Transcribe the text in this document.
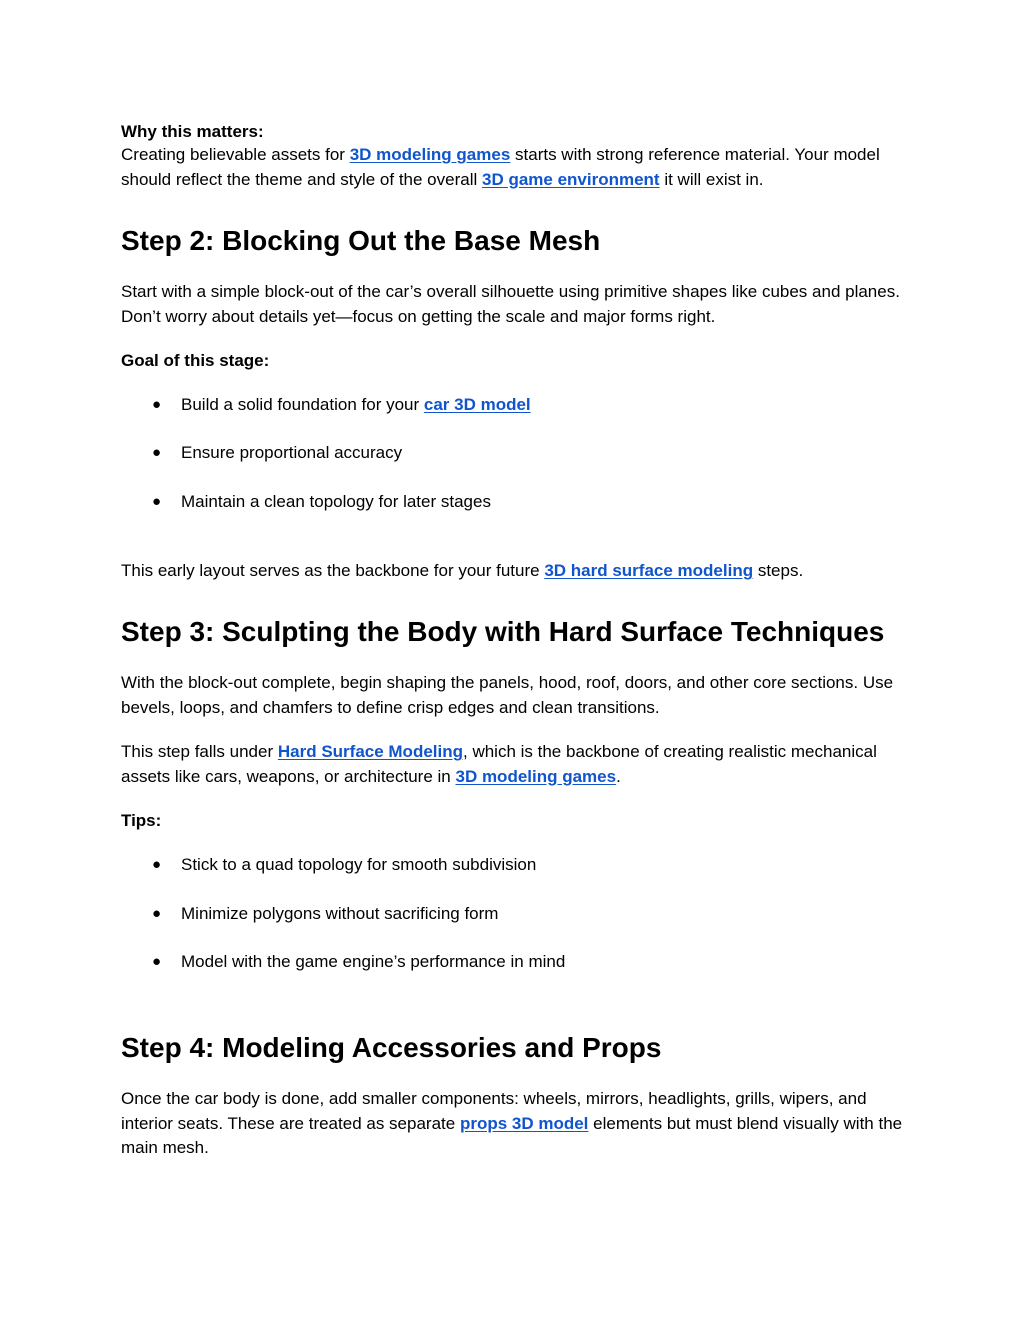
Why this matters:

Creating believable assets for 3D modeling games starts with strong reference material. Your model should reflect the theme and style of the overall 3D game environment it will exist in.

Step 2: Blocking Out the Base Mesh

Start with a simple block-out of the car’s overall silhouette using primitive shapes like cubes and planes. Don’t worry about details yet—focus on getting the scale and major forms right.

Goal of this stage:
● Build a solid foundation for your car 3D model
● Ensure proportional accuracy
● Maintain a clean topology for later stages

This early layout serves as the backbone for your future 3D hard surface modeling steps.

Step 3: Sculpting the Body with Hard Surface Techniques

With the block-out complete, begin shaping the panels, hood, roof, doors, and other core sections. Use bevels, loops, and chamfers to define crisp edges and clean transitions.

This step falls under Hard Surface Modeling, which is the backbone of creating realistic mechanical assets like cars, weapons, or architecture in 3D modeling games.

Tips:
● Stick to a quad topology for smooth subdivision
● Minimize polygons without sacrificing form
● Model with the game engine’s performance in mind
Step 4: Modeling Accessories and Props

Once the car body is done, add smaller components: wheels, mirrors, headlights, grills, wipers, and interior seats. These are treated as separate props 3D model elements but must blend visually with the main mesh.
